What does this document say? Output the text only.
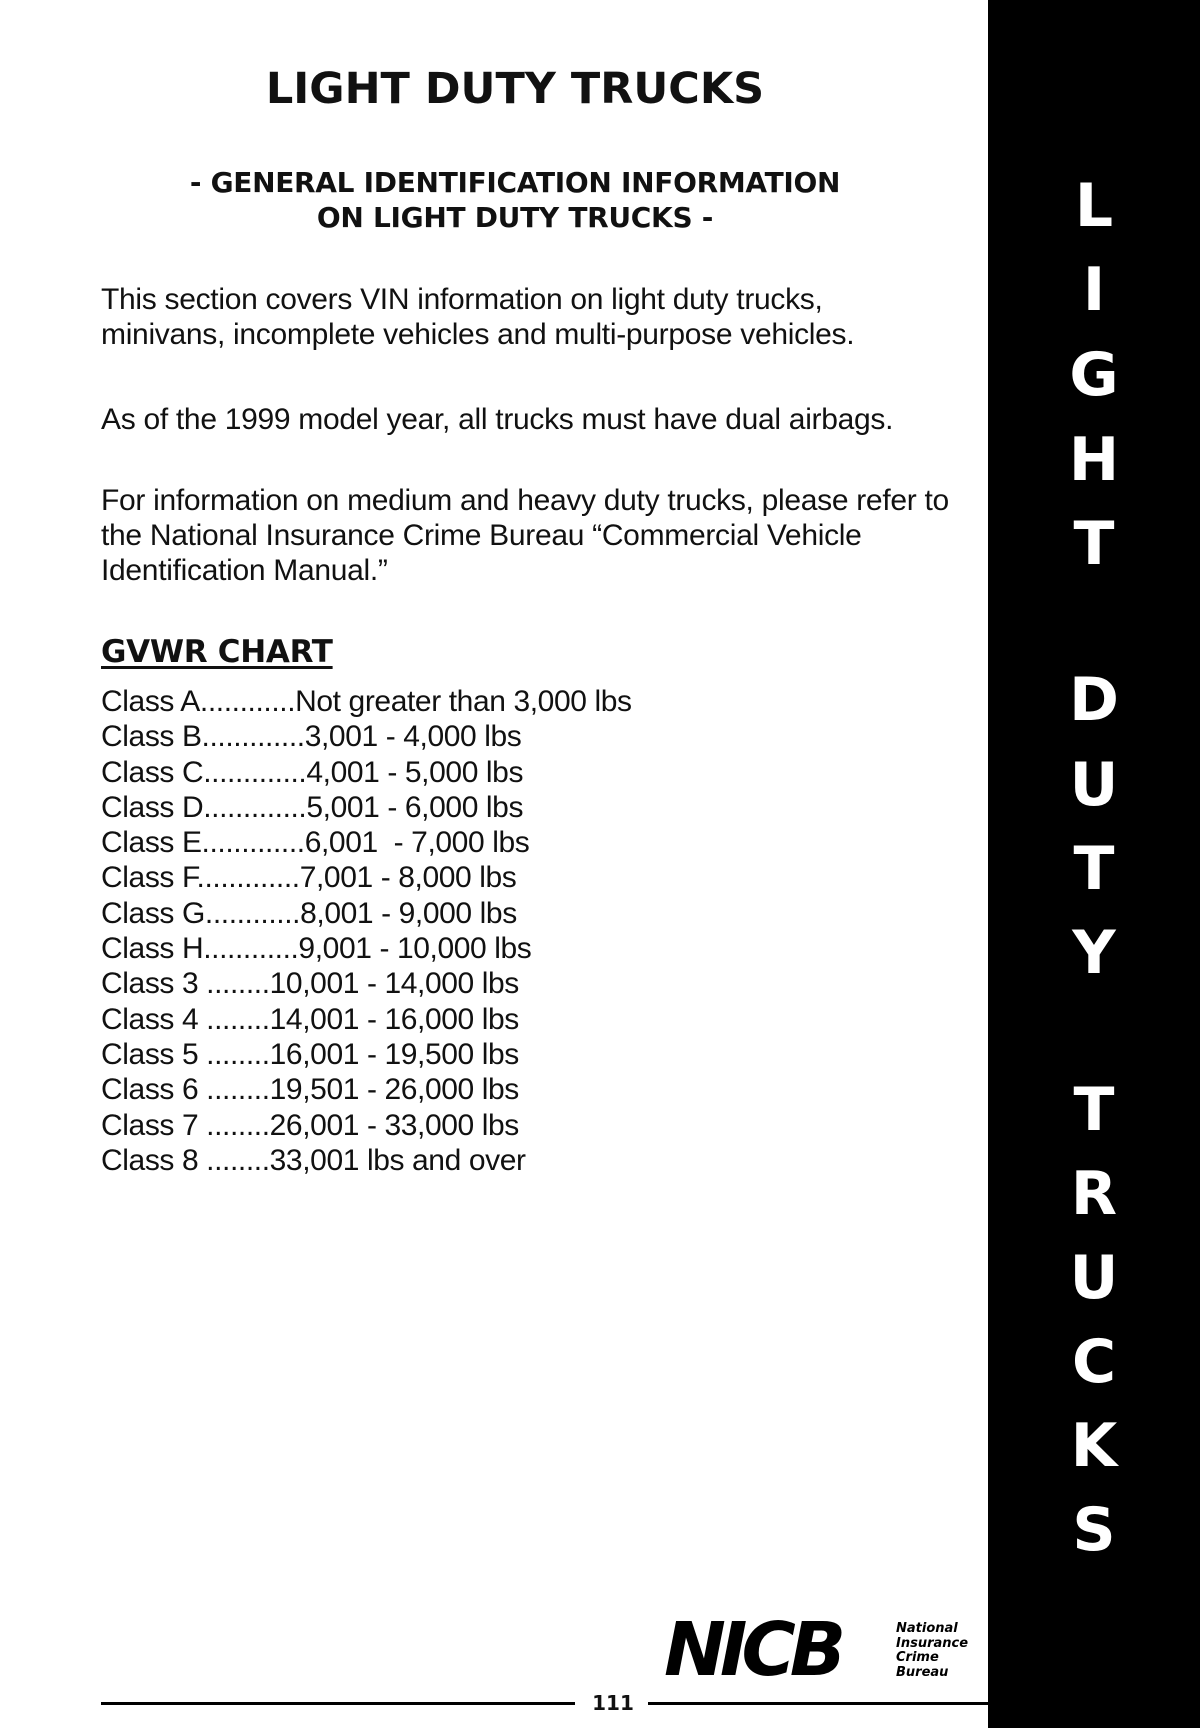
LIGHT DUTY TRUCKS
- GENERAL IDENTIFICATION INFORMATION
ON LIGHT DUTY TRUCKS -

This section covers VIN information on light duty trucks, minivans, incomplete vehicles and multi-purpose vehicles.

As of the 1999 model year, all trucks must have dual airbags.

For information on medium and heavy duty trucks, please refer to the National Insurance Crime Bureau “Commercial Vehicle Identification Manual.”

GVWR CHART
Class A............Not greater than 3,000 lbs
Class B.............3,001 - 4,000 lbs
Class C.............4,001 - 5,000 lbs
Class D.............5,001 - 6,000 lbs
Class E.............6,001  - 7,000 lbs
Class F.............7,001 - 8,000 lbs
Class G............8,001 - 9,000 lbs
Class H............9,001 - 10,000 lbs
Class 3 ........10,001 - 14,000 lbs
Class 4 ........14,001 - 16,000 lbs
Class 5 ........16,001 - 19,500 lbs
Class 6 ........19,501 - 26,000 lbs
Class 7 ........26,001 - 33,000 lbs
Class 8 ........33,001 lbs and over
NICB	National
Insurance
Crime
Bureau
111
L
I
G
H
T
D
U
T
Y
T
R
U
C
K
S
